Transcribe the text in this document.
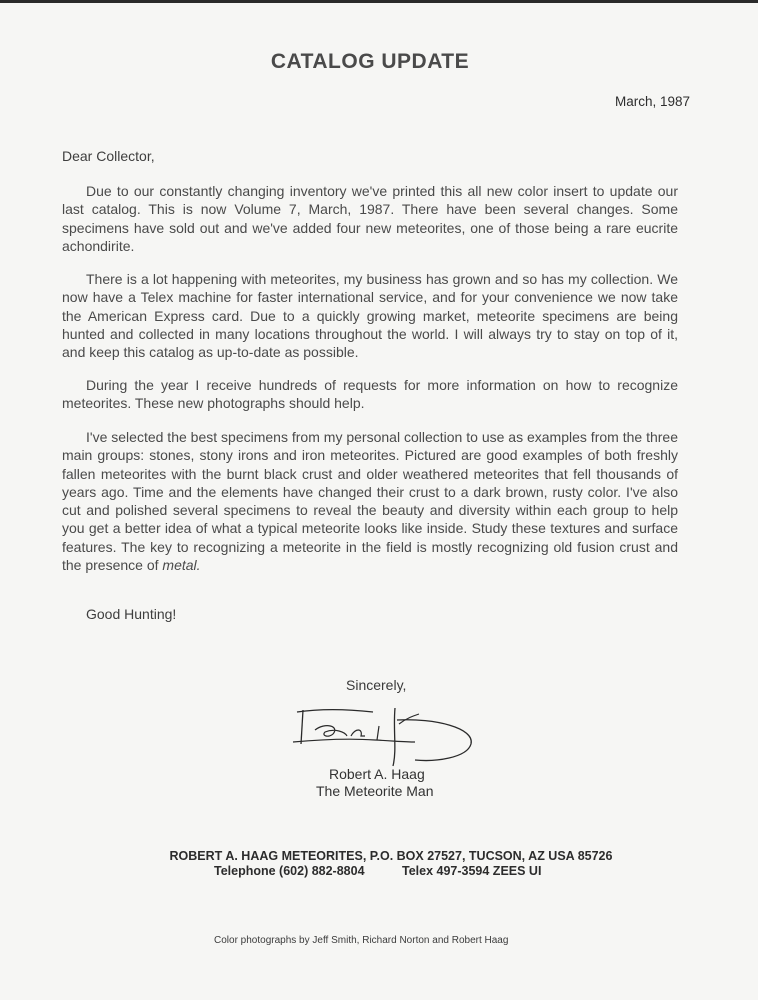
CATALOG UPDATE
March, 1987
Dear Collector,

Due to our constantly changing inventory we've printed this all new color insert to update our last catalog. This is now Volume 7, March, 1987. There have been several changes. Some specimens have sold out and we've added four new meteorites, one of those being a rare eucrite achondirite.

There is a lot happening with meteorites, my business has grown and so has my collection. We now have a Telex machine for faster international service, and for your convenience we now take the American Express card. Due to a quickly growing market, meteorite specimens are being hunted and collected in many locations throughout the world. I will always try to stay on top of it, and keep this catalog as up-to-date as possible.

During the year I receive hundreds of requests for more information on how to recognize meteorites. These new photographs should help.

I've selected the best specimens from my personal collection to use as examples from the three main groups: stones, stony irons and iron meteorites. Pictured are good examples of both freshly fallen meteorites with the burnt black crust and older weathered meteorites that fell thousands of years ago. Time and the elements have changed their crust to a dark brown, rusty color. I've also cut and polished several specimens to reveal the beauty and diversity within each group to help you get a better idea of what a typical meteorite looks like inside. Study these textures and surface features. The key to recognizing a meteorite in the field is mostly recognizing old fusion crust and the presence of metal.

Good Hunting!
Sincerely,
Robert A. Haag
The Meteorite Man
ROBERT A. HAAG METEORITES, P.O. BOX 27527, TUCSON, AZ USA 85726
Telephone (602) 882-8804	Telex 497-3594 ZEES UI
Color photographs by Jeff Smith, Richard Norton and Robert Haag
